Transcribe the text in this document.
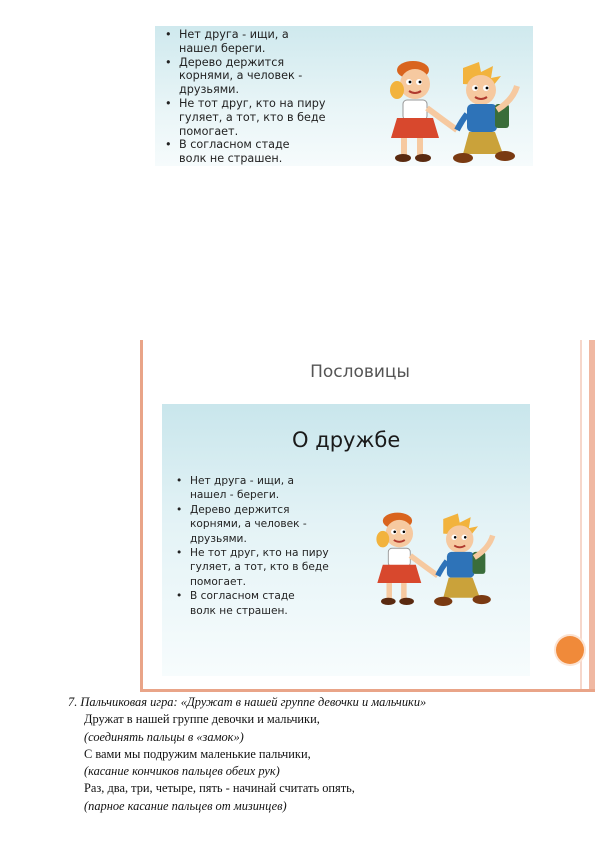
• Нет друга - ищи, а нашел береги.
• Дерево держится корнями, а человек - друзьями.
• Не тот друг, кто на пиру гуляет, а тот, кто в беде помогает.
• В согласном стаде волк не страшен.
Пословицы
О дружбе
• Нет друга - ищи, а нашел - береги.
• Дерево держится корнями, а человек - друзьями.
• Не тот друг, кто на пиру гуляет, а тот, кто в беде помогает.
• В согласном стаде волк не страшен.
7. Пальчиковая игра: «Дружат в нашей группе девочки и мальчики»
Дружат в нашей группе девочки и мальчики,
(соединять пальцы в «замок»)
С вами мы подружим маленькие пальчики,
(касание кончиков пальцев обеих рук)
Раз, два, три, четыре, пять - начинай считать опять,
(парное касание пальцев от мизинцев)
